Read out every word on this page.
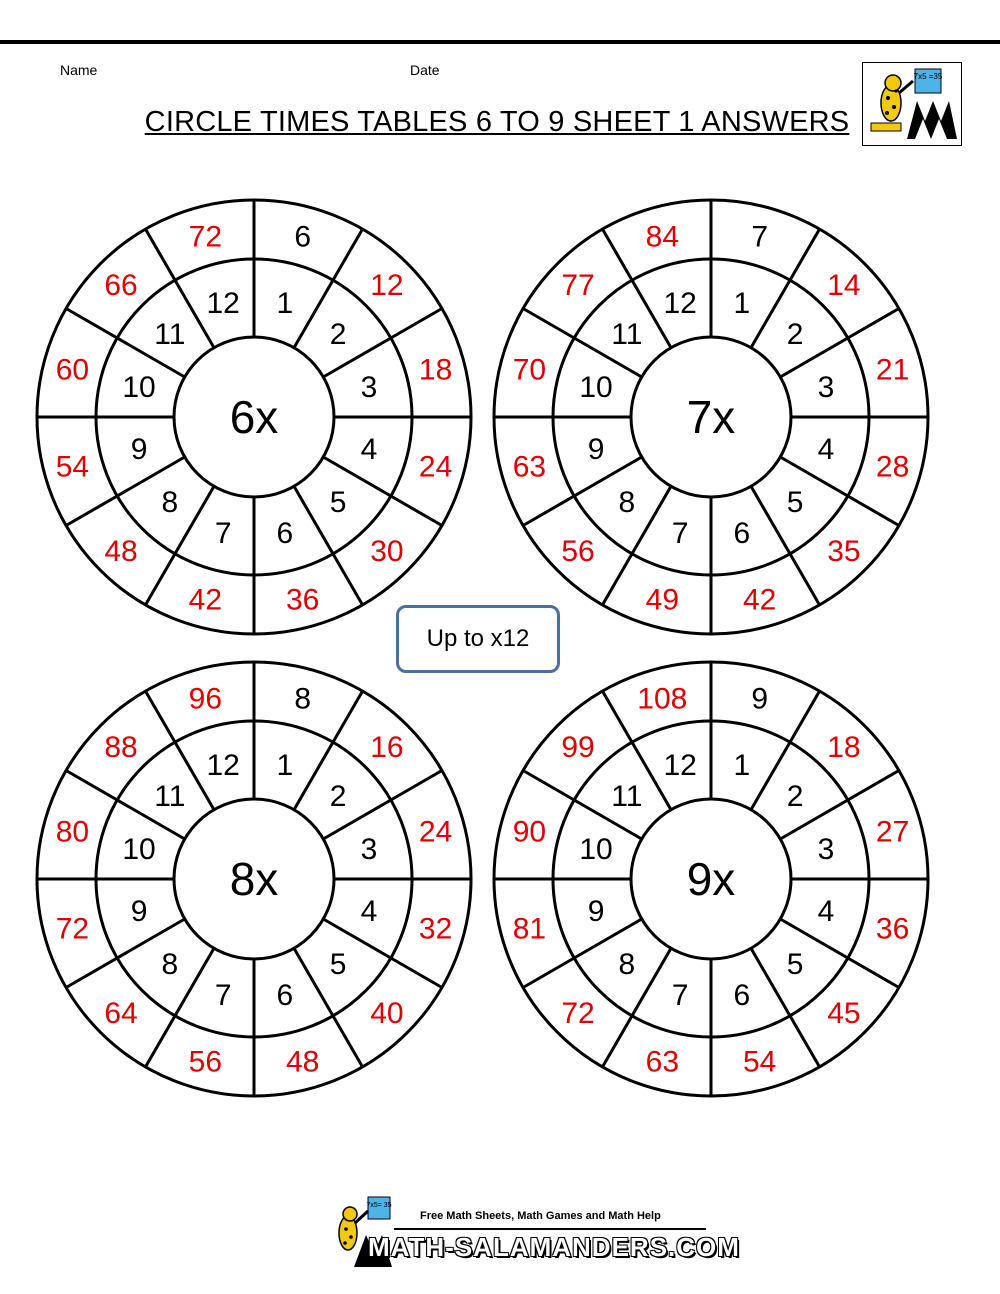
Name	Date
CIRCLE TIMES TABLES 6 TO 9 SHEET 1 ANSWERS
7x5 =35
6x
1
2
3
4
5
6
7
8
9
10
11
12
6
12
18
24
30
36
42
48
54
60
66
72
7x
1
2
3
4
5
6
7
8
9
10
11
12
7
14
21
28
35
42
49
56
63
70
77
84
8x
1
2
3
4
5
6
7
8
9
10
11
12
8
16
24
32
40
48
56
64
72
80
88
96
9x
1
2
3
4
5
6
7
8
9
10
11
12
9
18
27
36
45
54
63
72
81
90
99
108
Up to x12
7x5= 35
Free Math Sheets, Math Games and Math Help
MATH-SALAMANDERS.COM
